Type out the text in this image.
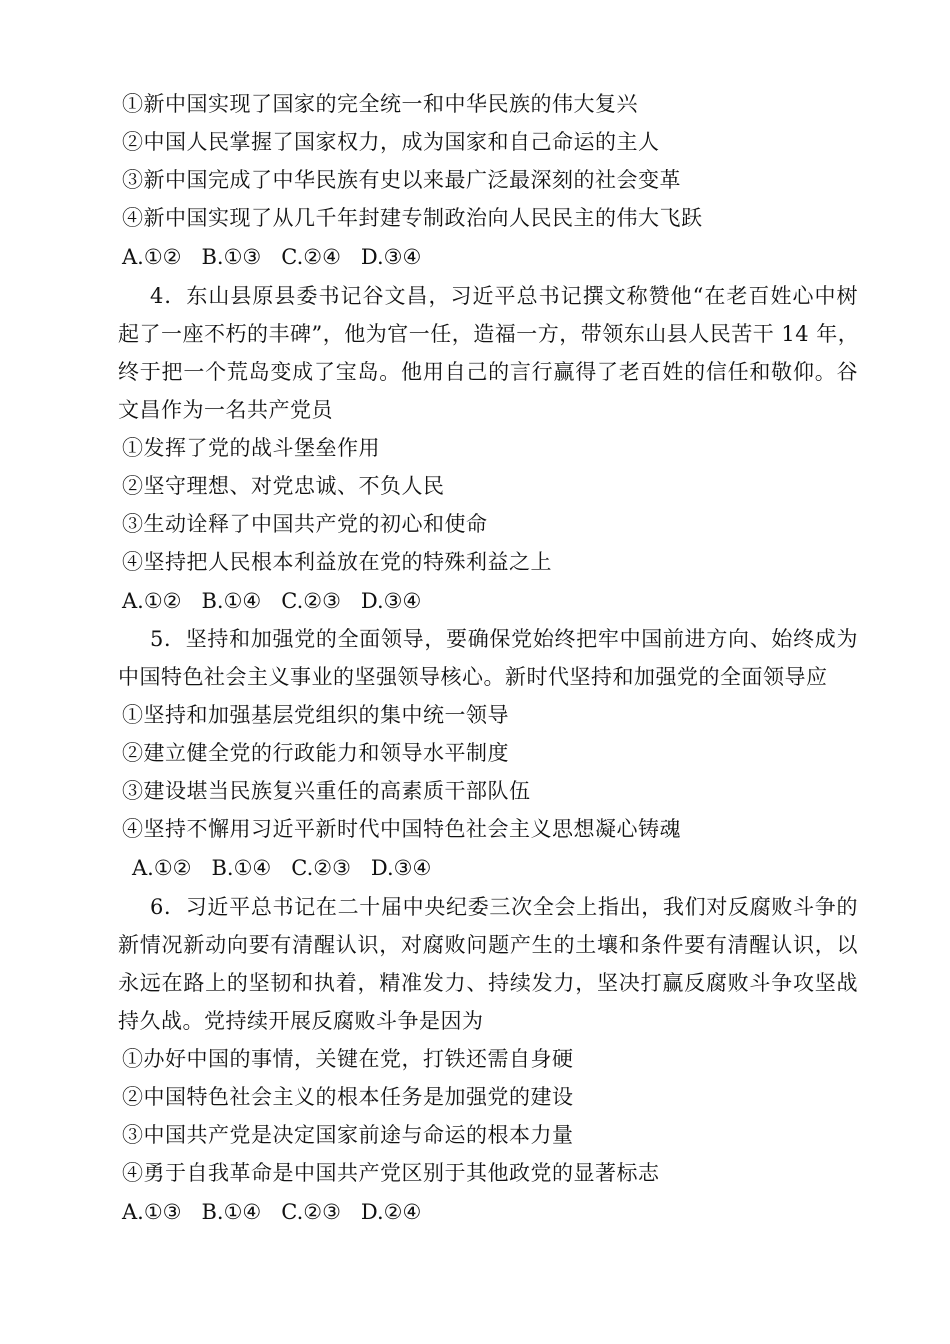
①新中国实现了国家的完全统一和中华民族的伟大复兴
②中国人民掌握了国家权力，成为国家和自己命运的主人
③新中国完成了中华民族有史以来最广泛最深刻的社会变革
④新中国实现了从几千年封建专制政治向人民民主的伟大飞跃
A.①② B.①③ C.②④ D.③④
4．东山县原县委书记谷文昌，习近平总书记撰文称赞他“在老百姓心中树
起了一座不朽的丰碑”，他为官一任，造福一方，带领东山县人民苦干 14 年，
终于把一个荒岛变成了宝岛。他用自己的言行赢得了老百姓的信任和敬仰。谷
文昌作为一名共产党员
①发挥了党的战斗堡垒作用
②坚守理想、对党忠诚、不负人民
③生动诠释了中国共产党的初心和使命
④坚持把人民根本利益放在党的特殊利益之上
A.①② B.①④ C.②③ D.③④
5．坚持和加强党的全面领导，要确保党始终把牢中国前进方向、始终成为
中国特色社会主义事业的坚强领导核心。新时代坚持和加强党的全面领导应
①坚持和加强基层党组织的集中统一领导
②建立健全党的行政能力和领导水平制度
③建设堪当民族复兴重任的高素质干部队伍
④坚持不懈用习近平新时代中国特色社会主义思想凝心铸魂
A.①② B.①④ C.②③ D.③④
6．习近平总书记在二十届中央纪委三次全会上指出，我们对反腐败斗争的
新情况新动向要有清醒认识，对腐败问题产生的土壤和条件要有清醒认识，以
永远在路上的坚韧和执着，精准发力、持续发力，坚决打赢反腐败斗争攻坚战
持久战。党持续开展反腐败斗争是因为
①办好中国的事情，关键在党，打铁还需自身硬
②中国特色社会主义的根本任务是加强党的建设
③中国共产党是决定国家前途与命运的根本力量
④勇于自我革命是中国共产党区别于其他政党的显著标志
A.①③ B.①④ C.②③ D.②④
